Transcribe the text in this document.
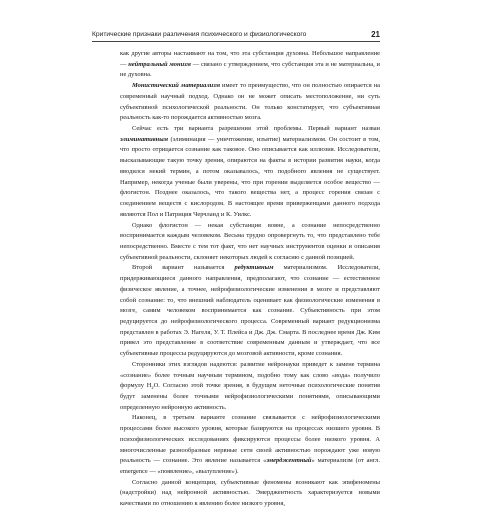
Критические признаки различения психического и физиологического	21

как другие авторы настаивают на том, что эта субстанция духовна. Небольшое направление — нейтральный монизм — связано с утверждением, что субстанция эта и не материальна, и не духовна.

Монистический материализм имеет то преимущество, что он полностью опирается на современный научный подход. Однако он не может описать местоположение, ни суть субъективной психологической реальности. Он только констатирует, что субъективная реальность как-то порождается активностью мозга.

Сейчас есть три варианта разрешения этой проблемы. Первый вариант назван элиминативным (элиминация — уничтожение, изъятие) материализмом. Он состоит в том, что просто отрицается сознание как таковое. Оно описывается как иллюзия. Исследователи, высказывающие такую точку зрения, опираются на факты в истории развития науки, когда вводился некий термин, а потом оказывалось, что подобного явления не существует. Например, некогда ученые были уверены, что при горении выделяется особое вещество — флогистон. Позднее оказалось, что такого вещества нет, а процесс горения связан с соединением веществ с кислородом. В настоящее время приверженцами данного подхода являются Пол и Патриция Черчланд и К. Уилкс.

Однако флогистон — некая субстанция вовне, а сознание непосредственно воспринимается каждым человеком. Весьма трудно опровергнуть то, что представлено тебе непосредственно. Вместе с тем тот факт, что нет научных инструментов оценки и описания субъективной реальности, склоняет некоторых людей к согласию с данной позицией.

Второй вариант называется редуктивным материализмом. Исследователи, придерживающиеся данного направления, предполагают, что сознание — естественное физическое явление, а точнее, нейрофизиологические изменения в мозге и представляют собой сознание: то, что внешний наблюдатель оценивает как физиологические изменения в мозге, самим человеком воспринимается как сознание. Субъективность при этом редуцируется до нейрофизиологического процесса. Современный вариант редукционизма представлен в работах Э. Нагеля, У. Т. Плейса и Дж. Дж. Смарта. В последнее время Дж. Ким привел это представление в соответствие современным данным и утверждает, что все субъективные процессы редуцируются до мозговой активности, кроме сознания.

Сторонники этих взглядов надеются: развитие нейронауки приведет к замене термина «сознание» более точным научным термином, подобно тому как слово «вода» получило формулу $H_2O$. Согласно этой точке зрения, в будущем неточные психологические понятия будут заменены более точными нейрофизиологическими понятиями, описывающими определенную нейронную активность.

Наконец, в третьем варианте сознание связывается с нейрофизиологическими процессами более высокого уровня, которые базируются на процессах низшего уровня. В психофизиологических исследованиях фиксируются процессы более низкого уровня. А многочисленные разнообразные нервные сети своей активностью порождают уже новую реальность — сознание. Это явление называется «эмерджентный» материализм (от англ. emergence — «появление», «вылупление»).

Согласно данной концепции, субъективные феномены возникают как эпифеномены (надстройки) над нейронной активностью. Эмерджентность характеризуется новыми качествами по отношению к явлению более низкого уровня,
